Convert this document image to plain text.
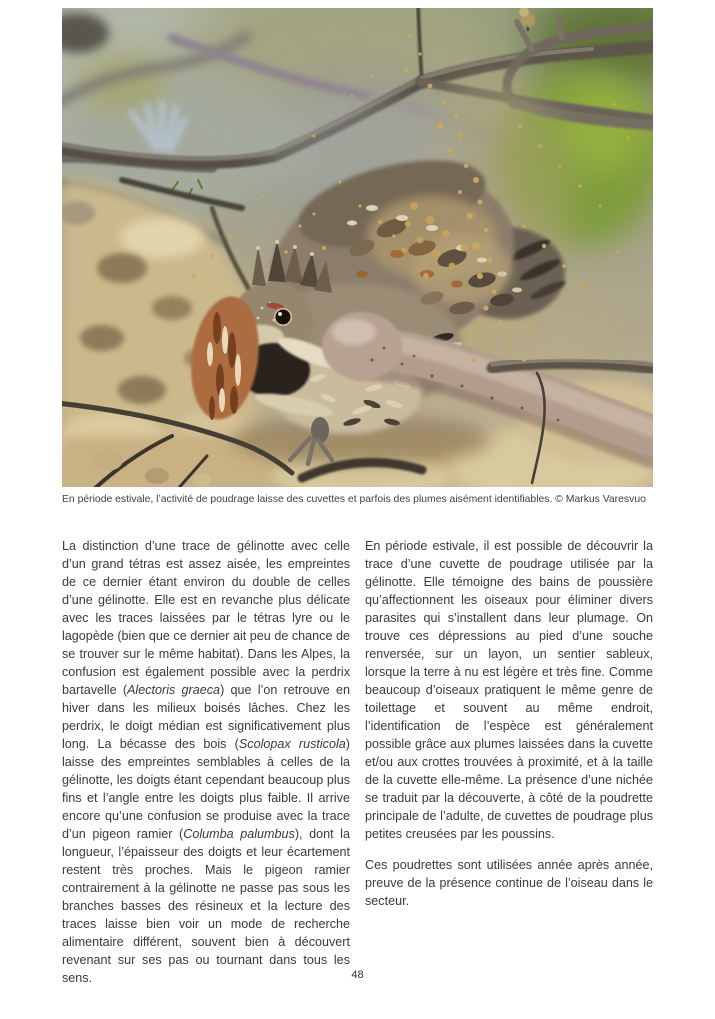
En période estivale, l’activité de poudrage laisse des cuvettes et parfois des plumes aisément identifiables. © Markus Varesvuo

La distinction d’une trace de gélinotte avec celle d’un grand tétras est assez aisée, les empreintes de ce dernier étant environ du double de celles d’une gélinotte. Elle est en revanche plus délicate avec les traces laissées par le tétras lyre ou le lagopède (bien que ce dernier ait peu de chance de se trouver sur le même habitat). Dans les Alpes, la confusion est également possible avec la perdrix bartavelle (Alectoris graeca) que l’on retrouve en hiver dans les milieux boisés lâches. Chez les perdrix, le doigt médian est significativement plus long. La bécasse des bois (Scolopax rusticola) laisse des empreintes semblables à celles de la gélinotte, les doigts étant cependant beaucoup plus fins et l’angle entre les doigts plus faible. Il arrive encore qu’une confusion se produise avec la trace d’un pigeon ramier (Columba palumbus), dont la longueur, l’épaisseur des doigts et leur écartement restent très proches. Mais le pigeon ramier contrairement à la gélinotte ne passe pas sous les branches basses des résineux et la lecture des traces laisse bien voir un mode de recherche alimentaire différent, souvent bien à découvert revenant sur ses pas ou tournant dans tous les sens.

En période estivale, il est possible de découvrir la trace d’une cuvette de poudrage utilisée par la gélinotte. Elle témoigne des bains de poussière qu’affectionnent les oiseaux pour éliminer divers parasites qui s’installent dans leur plumage. On trouve ces dépressions au pied d’une souche renversée, sur un layon, un sentier sableux, lorsque la terre à nu est légère et très fine. Comme beaucoup d’oiseaux pratiquent le même genre de toilettage et souvent au même endroit, l’identification de l’espèce est généralement possible grâce aux plumes laissées dans la cuvette et/ou aux crottes trouvées à proximité, et à la taille de la cuvette elle-même. La présence d’une nichée se traduit par la découverte, à côté de la poudrette principale de l’adulte, de cuvettes de poudrage plus petites creusées par les poussins.

Ces poudrettes sont utilisées année après année, preuve de la présence continue de l’oiseau dans le secteur.

48
